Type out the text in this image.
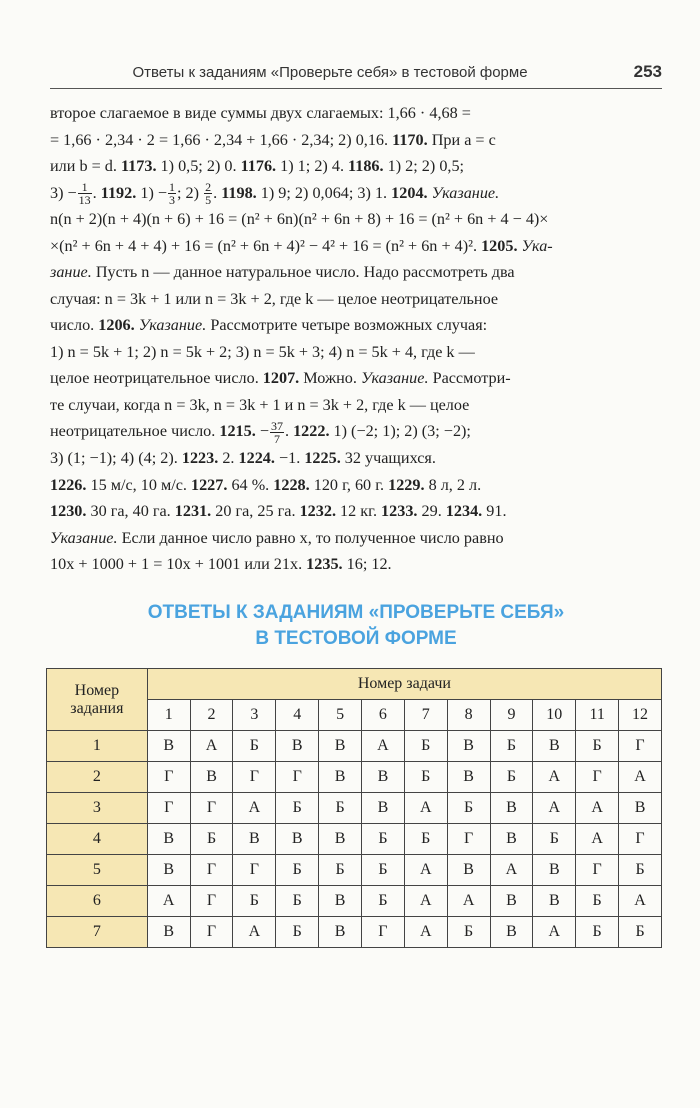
Ответы к заданиям «Проверьте себя» в тестовой форме	253

второе слагаемое в виде суммы двух слагаемых: 1,66 · 4,68 =

= 1,66 · 2,34 · 2 = 1,66 · 2,34 + 1,66 · 2,34; 2) 0,16. 1170. При a = c

или b = d. 1173. 1) 0,5; 2) 0. 1176. 1) 1; 2) 4. 1186. 1) 2; 2) 0,5;

$3) - \frac{1}{13}$ . 1192. $1) - \frac{1}{3}$ ; $2) \frac{2}{5}$ . 1198. 1) 9; 2) 0,064; 3) 1. 1204. Указание.

n(n + 2)(n + 4)(n + 6) + 16 = (n² + 6n)(n² + 6n + 8) + 16 = (n² + 6n + 4 − 4)×

×(n² + 6n + 4 + 4) + 16 = (n² + 6n + 4)² − 4² + 16 = (n² + 6n + 4)². 1205. Ука-

зание. Пусть n — данное натуральное число. Надо рассмотреть два

случая: n = 3k + 1 или n = 3k + 2, где k — целое неотрицательное

число. 1206. Указание. Рассмотрите четыре возможных случая:

1) n = 5k + 1; 2) n = 5k + 2; 3) n = 5k + 3; 4) n = 5k + 4, где k —

целое неотрицательное число. 1207. Можно. Указание. Рассмотри-

те случаи, когда n = 3k, n = 3k + 1 и n = 3k + 2, где k — целое

неотрицательное число. 1215. − $\frac{37}{7}$ . 1222. 1) (−2; 1); 2) (3; −2);

3) (1; −1); 4) (4; 2). 1223. 2. 1224. −1. 1225. 32 учащихся.

1226. 15 м/с, 10 м/с. 1227. 64 %. 1228. 120 г, 60 г. 1229. 8 л, 2 л.

1230. 30 га, 40 га. 1231. 20 га, 25 га. 1232. 12 кг. 1233. 29. 1234. 91.

Указание. Если данное число равно x, то полученное число равно

10x + 1000 + 1 = 10x + 1001 или 21x. 1235. 16; 12.

ОТВЕТЫ К ЗАДАНИЯМ «ПРОВЕРЬТЕ СЕБЯ»
В ТЕСТОВОЙ ФОРМЕ
Номер
задания	Номер задачи											
	1	2	3	4	5	6	7	8	9	10	11	12
1	В	А	Б	В	В	А	Б	В	Б	В	Б	Г
2	Г	В	Г	Г	В	В	Б	В	Б	А	Г	А
3	Г	Г	А	Б	Б	В	А	Б	В	А	А	В
4	В	Б	В	В	В	Б	Б	Г	В	Б	А	Г
5	В	Г	Г	Б	Б	Б	А	В	А	В	Г	Б
6	А	Г	Б	Б	В	Б	А	А	В	В	Б	А
7	В	Г	А	Б	В	Г	А	Б	В	А	Б	Б
